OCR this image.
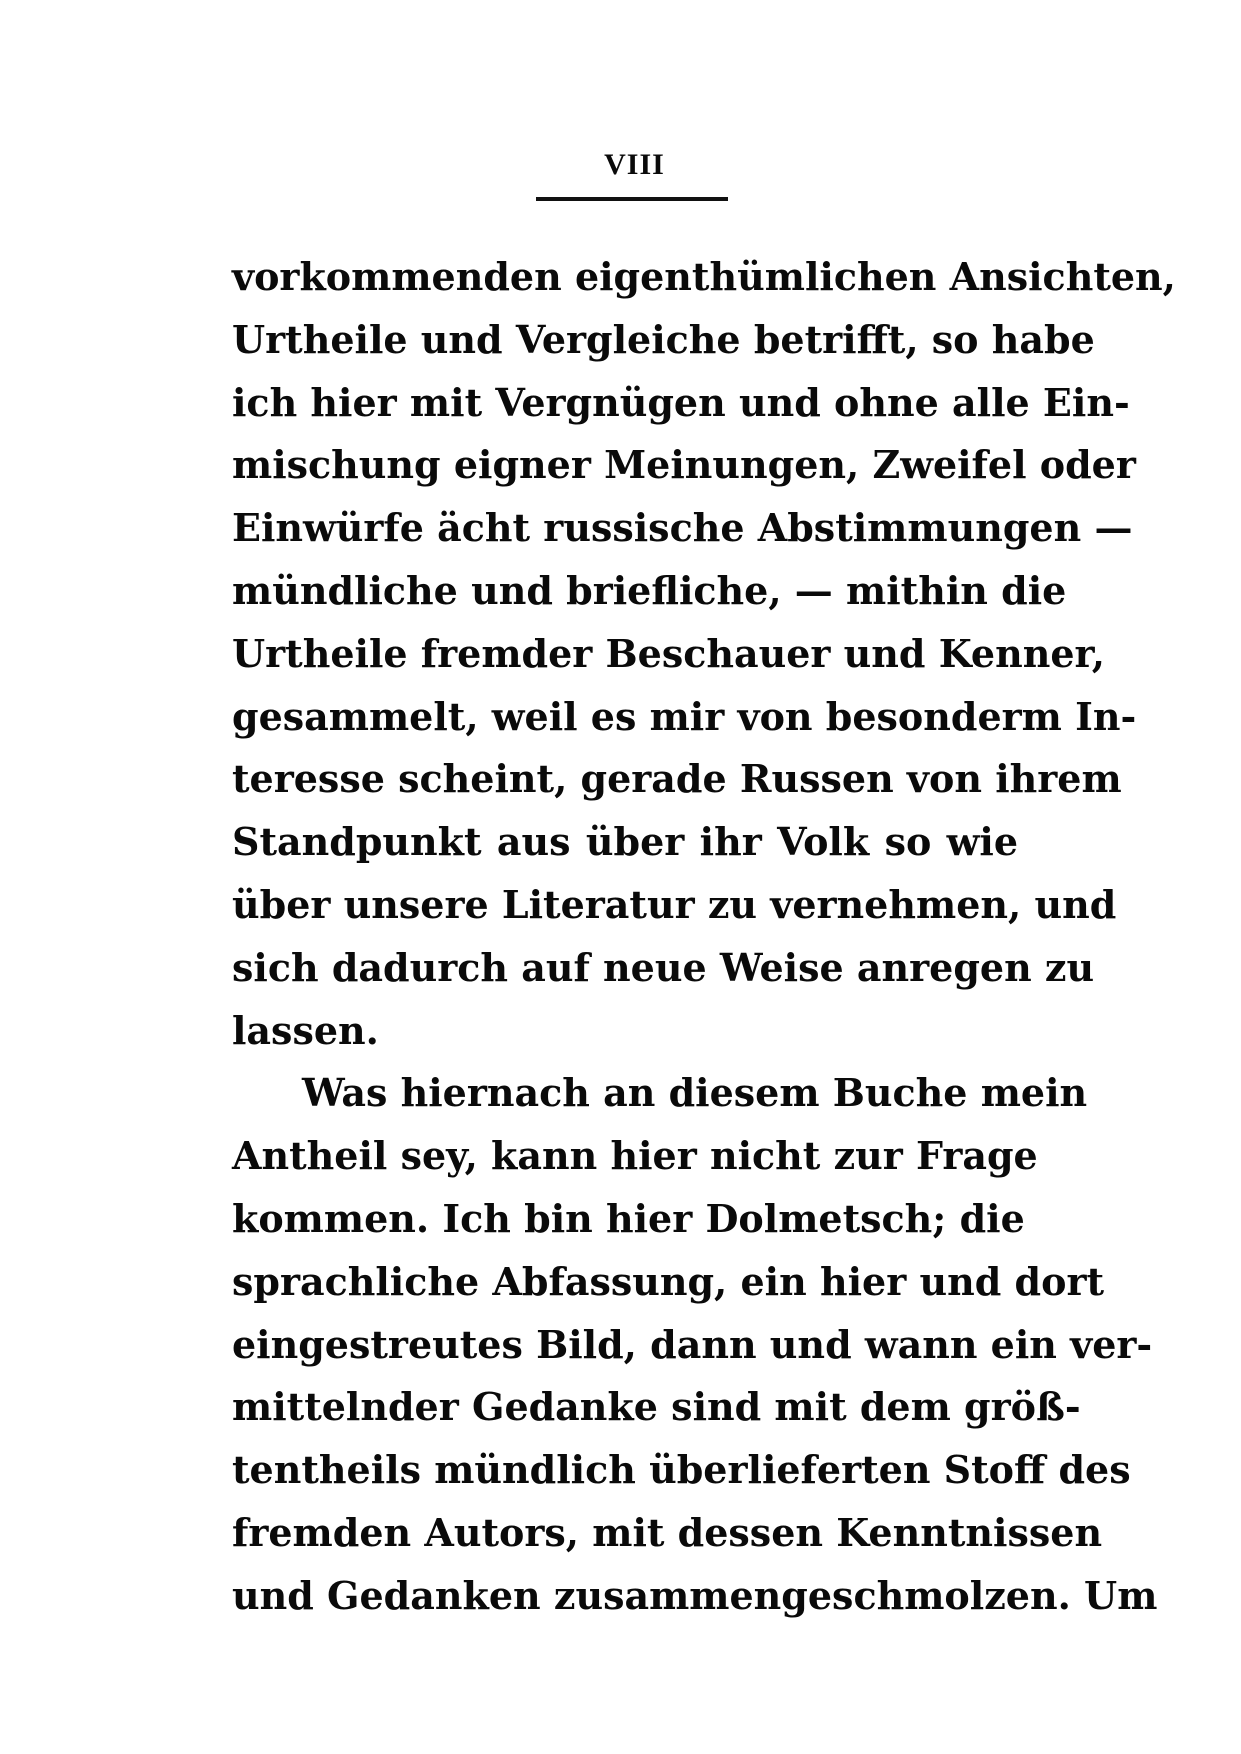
VIII
vorkommenden eigenthümlichen Ansichten,
Urtheile und Vergleiche betrifft, so habe
ich hier mit Vergnügen und ohne alle Ein-
mischung eigner Meinungen, Zweifel oder
Einwürfe ächt russische Abstimmungen —
mündliche und briefliche, — mithin die
Urtheile fremder Beschauer und Kenner,
gesammelt, weil es mir von besonderm In-
teresse scheint, gerade Russen von ihrem
Standpunkt aus über ihr Volk so wie
über unsere Literatur zu vernehmen, und
sich dadurch auf neue Weise anregen zu
lassen.
Was hiernach an diesem Buche mein
Antheil sey, kann hier nicht zur Frage
kommen. Ich bin hier Dolmetsch; die
sprachliche Abfassung, ein hier und dort
eingestreutes Bild, dann und wann ein ver-
mittelnder Gedanke sind mit dem größ-
tentheils mündlich überlieferten Stoff des
fremden Autors, mit dessen Kenntnissen
und Gedanken zusammengeschmolzen. Um
